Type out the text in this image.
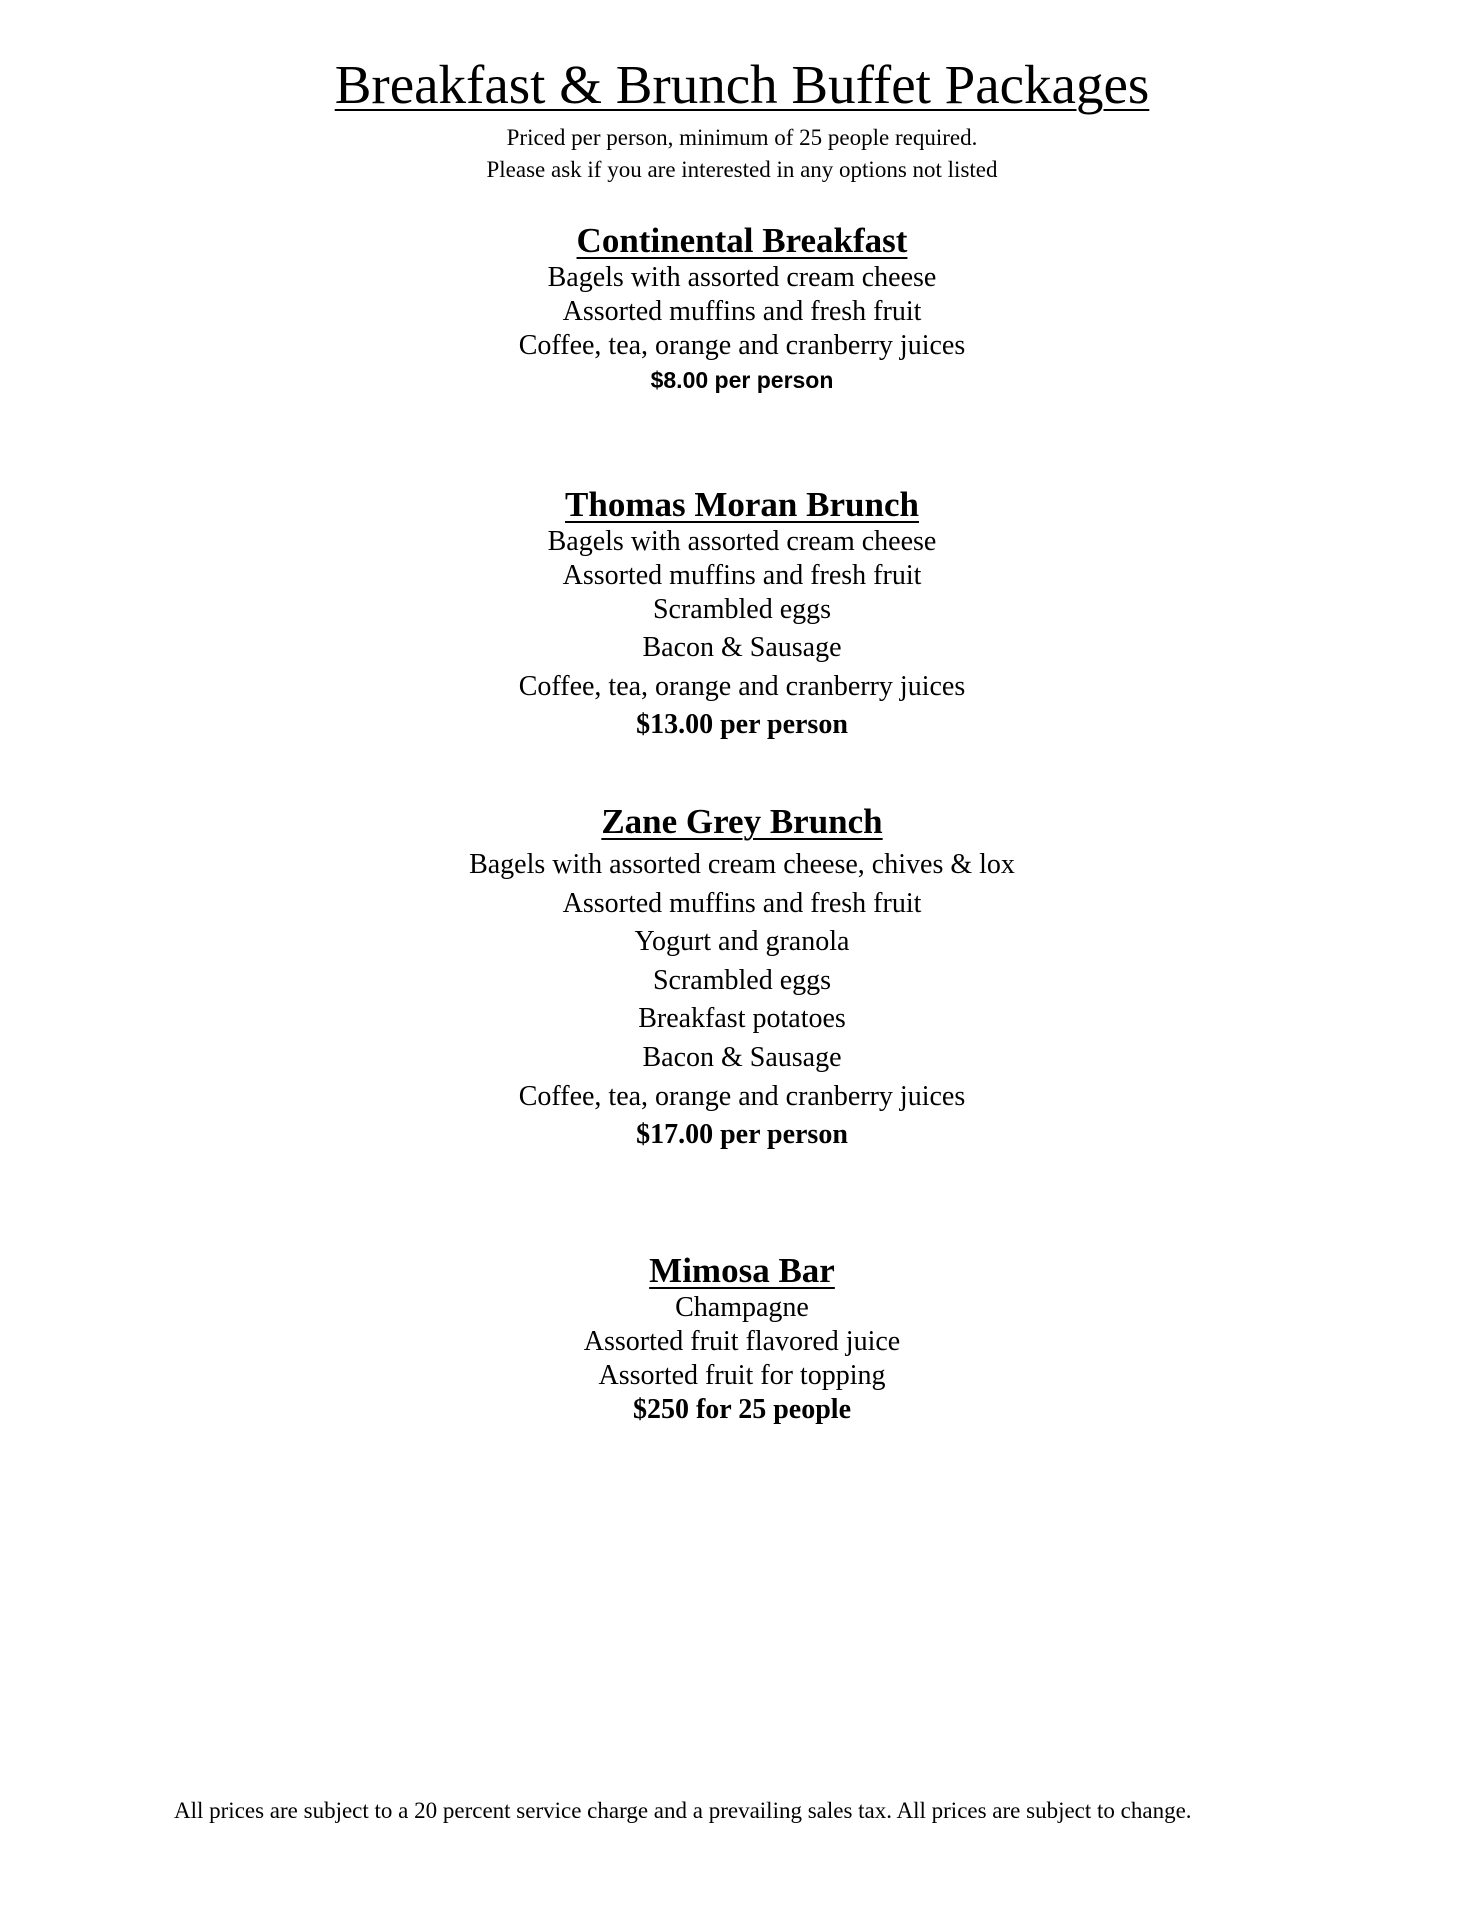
Breakfast & Brunch Buffet Packages
Priced per person, minimum of 25 people required.
Please ask if you are interested in any options not listed
Continental Breakfast
Bagels with assorted cream cheese
Assorted muffins and fresh fruit
Coffee, tea, orange and cranberry juices
$8.00 per person
Thomas Moran Brunch
Bagels with assorted cream cheese
Assorted muffins and fresh fruit
Scrambled eggs
Bacon & Sausage
Coffee, tea, orange and cranberry juices
$13.00 per person
Zane Grey Brunch
Bagels with assorted cream cheese, chives & lox
Assorted muffins and fresh fruit
Yogurt and granola
Scrambled eggs
Breakfast potatoes
Bacon & Sausage
Coffee, tea, orange and cranberry juices
$17.00 per person
Mimosa Bar
Champagne
Assorted fruit flavored juice
Assorted fruit for topping
$250 for 25 people
All prices are subject to a 20 percent service charge and a prevailing sales tax. All prices are subject to change.
